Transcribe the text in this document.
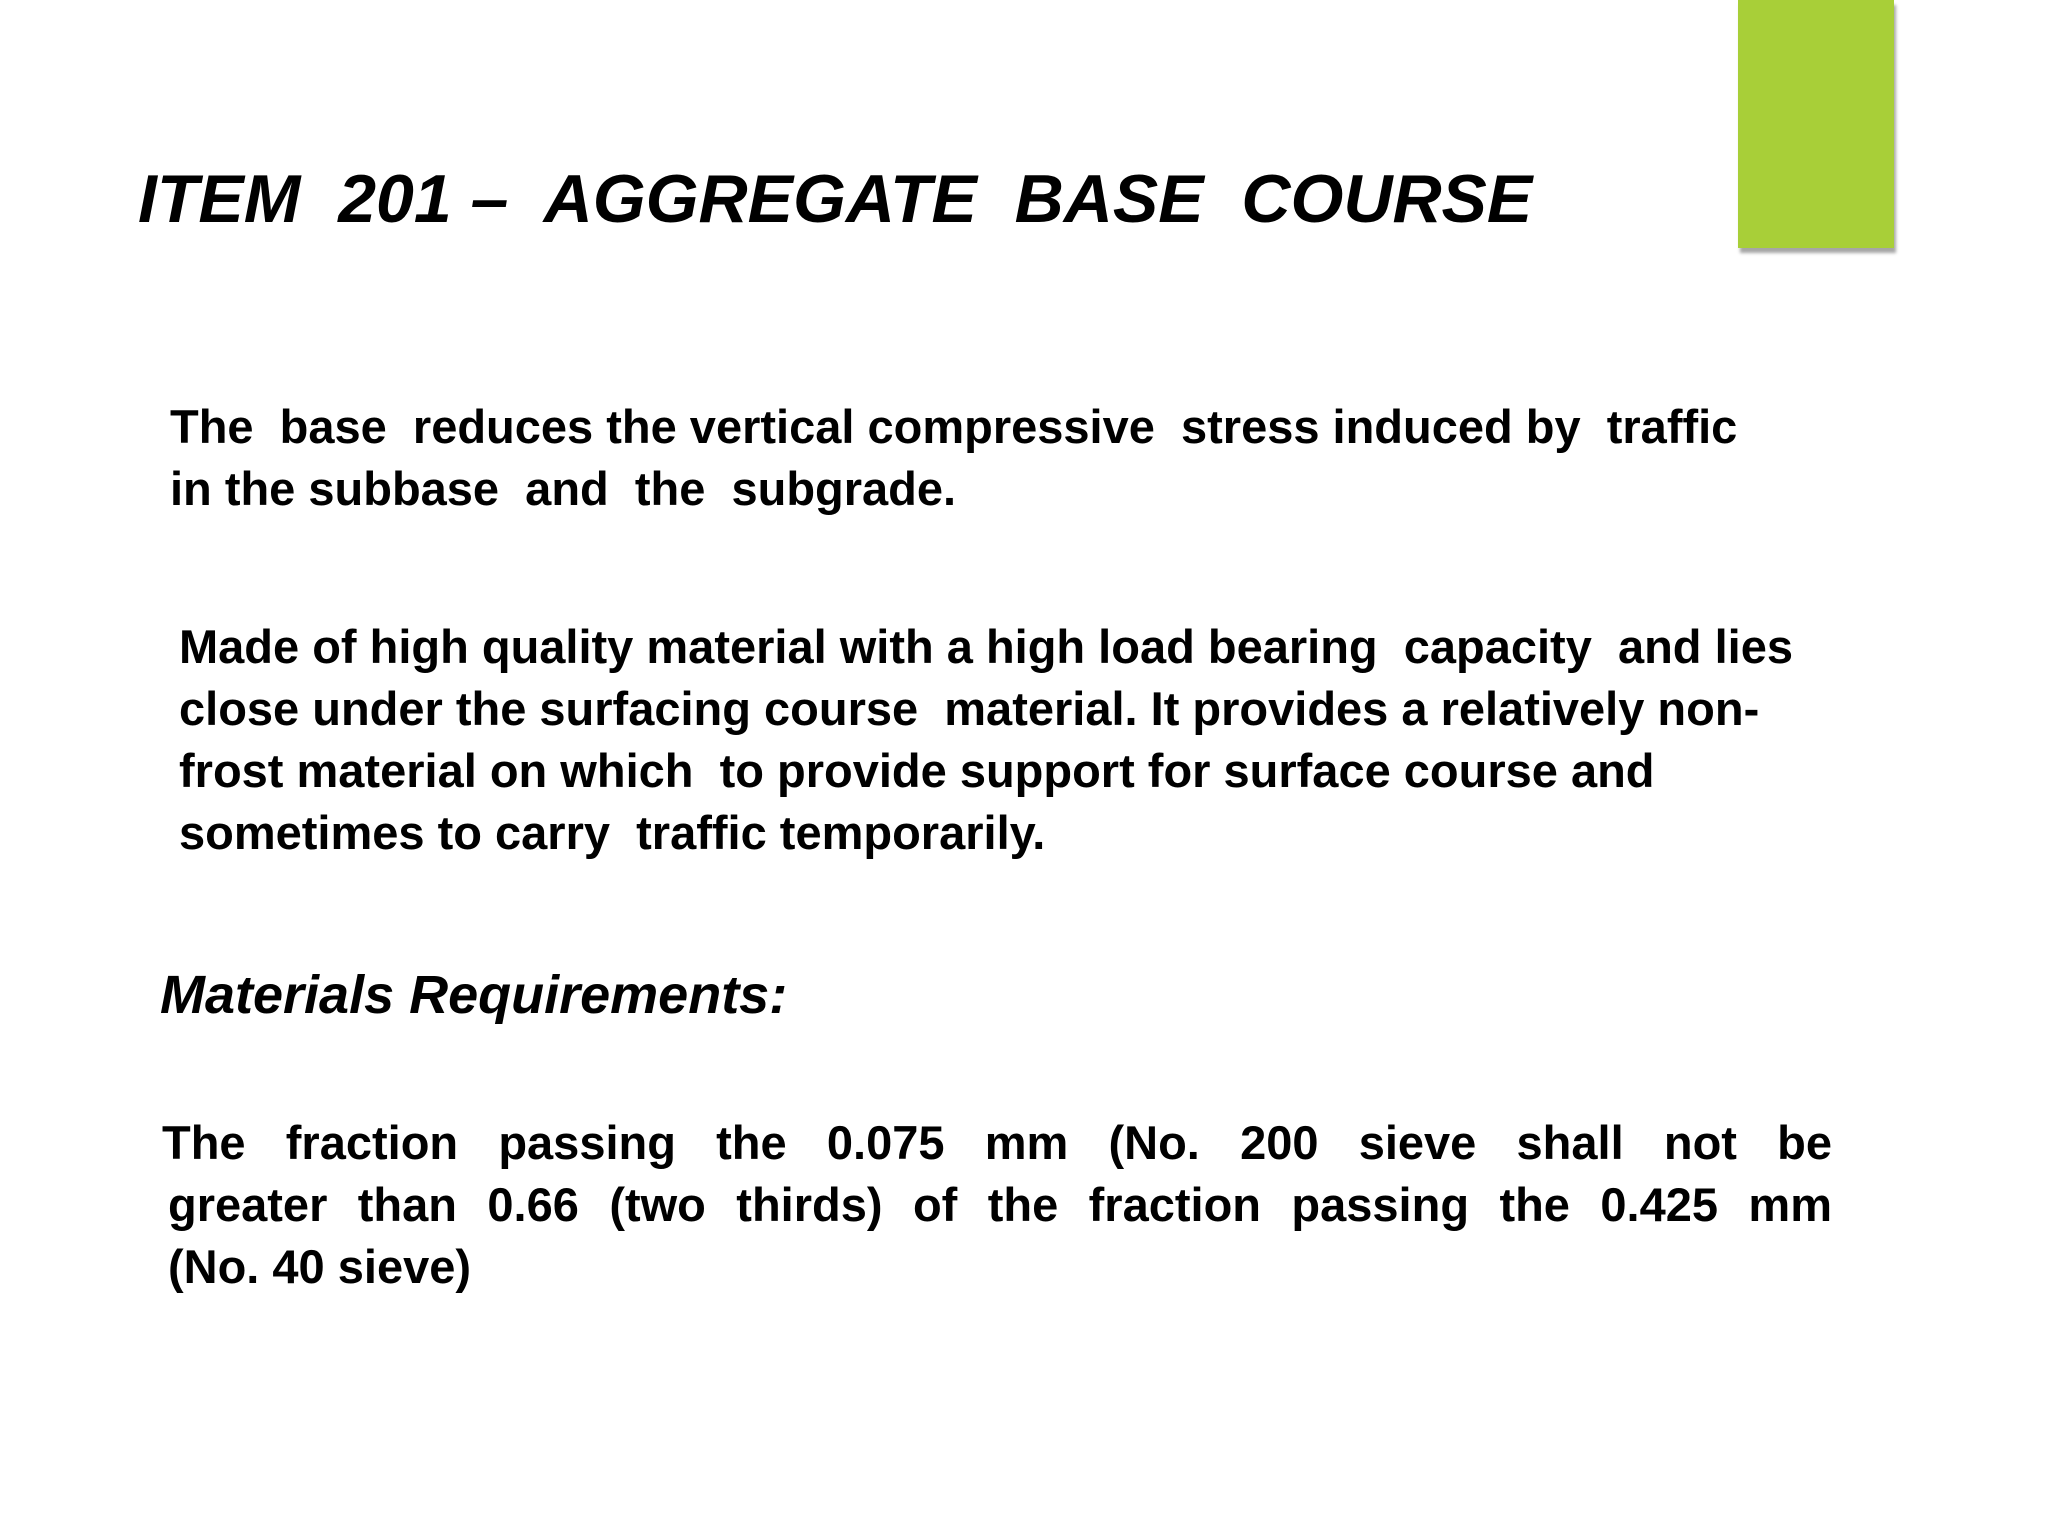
ITEM  201 –  AGGREGATE  BASE  COURSE

The  base  reduces the vertical compressive  stress induced by  traffic
in the subbase  and  the  subgrade.

Made of high quality material with a high load bearing  capacity  and lies
close under the surfacing course  material. It provides a relatively non-
frost material on which  to provide support for surface course and
sometimes to carry  traffic temporarily.

Materials Requirements:

The  fraction  passing  the  0.075  mm  (No.  200  sieve  shall  not  be
greater than 0.66 (two thirds) of the fraction passing the 0.425 mm
(No. 40 sieve)
